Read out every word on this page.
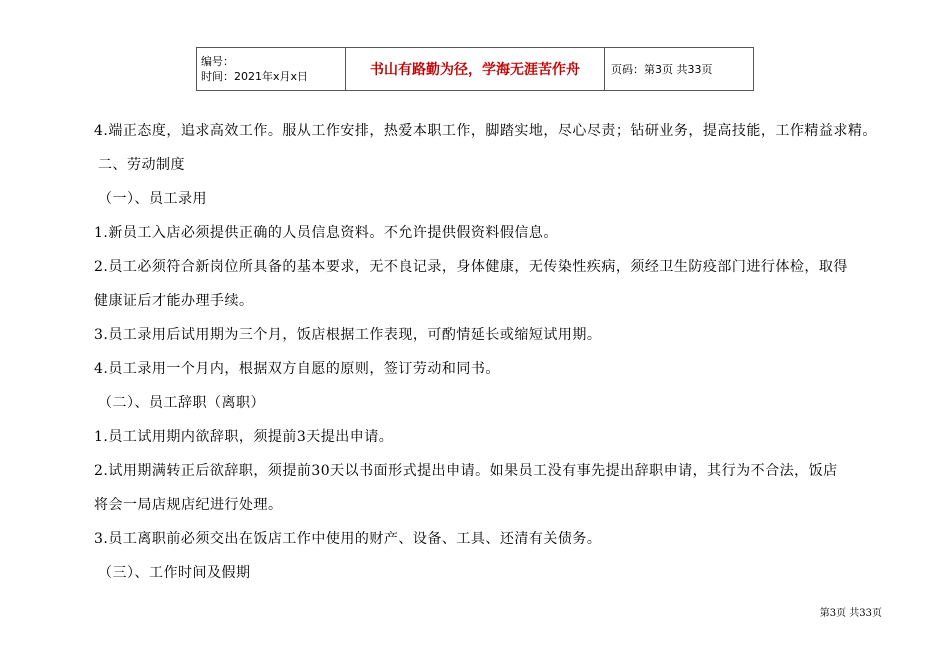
编号：
时间：2021年x月x日	书山有路勤为径，学海无涯苦作舟	页码：第3页 共33页
4.端正态度，追求高效工作。服从工作安排，热爱本职工作，脚踏实地，尽心尽责；钻研业务，提高技能，工作精益求精。
二、劳动制度
（一）、员工录用
1.新员工入店必须提供正确的人员信息资料。不允许提供假资料假信息。
2.员工必须符合新岗位所具备的基本要求，无不良记录，身体健康，无传染性疾病，须经卫生防疫部门进行体检，取得
健康证后才能办理手续。
3.员工录用后试用期为三个月，饭店根据工作表现，可酌情延长或缩短试用期。
4.员工录用一个月内，根据双方自愿的原则，签订劳动和同书。
（二）、员工辞职（离职）
1.员工试用期内欲辞职，须提前3天提出申请。
2.试用期满转正后欲辞职，须提前30天以书面形式提出申请。如果员工没有事先提出辞职申请，其行为不合法，饭店
将会一局店规店纪进行处理。
3.员工离职前必须交出在饭店工作中使用的财产、设备、工具、还清有关债务。
（三）、工作时间及假期
第3页 共33页
